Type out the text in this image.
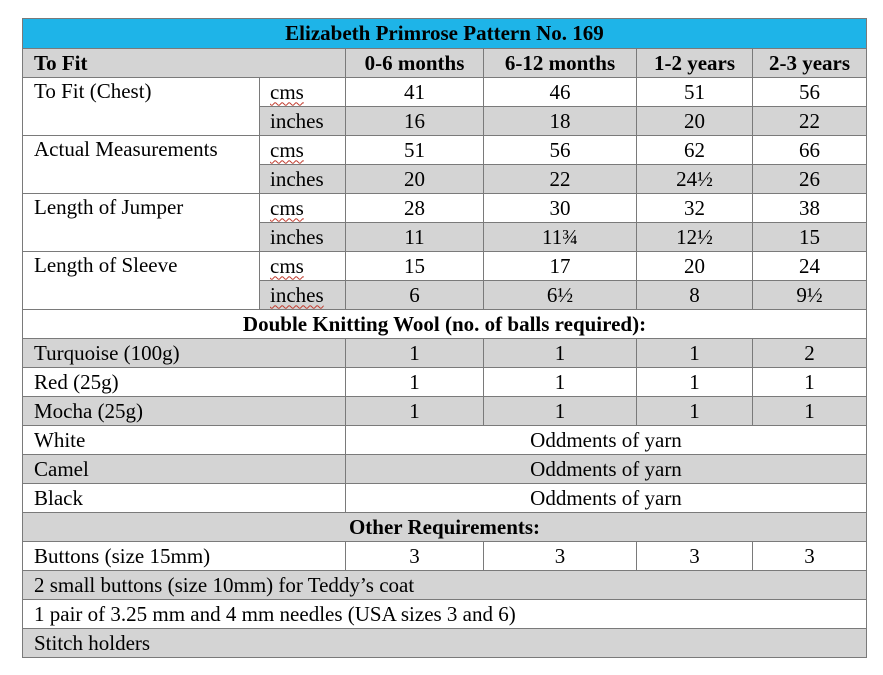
Elizabeth Primrose Pattern No. 169					
To Fit		0-6 months	6-12 months	1-2 years	2-3 years
To Fit (Chest)	cms	41	46	51	56
	inches	16	18	20	22
Actual Measurements	cms	51	56	62	66
	inches	20	22	24½	26
Length of Jumper	cms	28	30	32	38
	inches	11	11¾	12½	15
Length of Sleeve	cms	15	17	20	24
	inches	6	6½	8	9½
Double Knitting Wool (no. of balls required):					
Turquoise (100g)		1	1	1	2
Red (25g)		1	1	1	1
Mocha (25g)		1	1	1	1
White		Oddments of yarn			
Camel		Oddments of yarn			
Black		Oddments of yarn			
Other Requirements:					
Buttons (size 15mm)		3	3	3	3
2 small buttons (size 10mm) for Teddy’s coat					
1 pair of 3.25 mm and 4 mm needles (USA sizes 3 and 6)					
Stitch holders					
